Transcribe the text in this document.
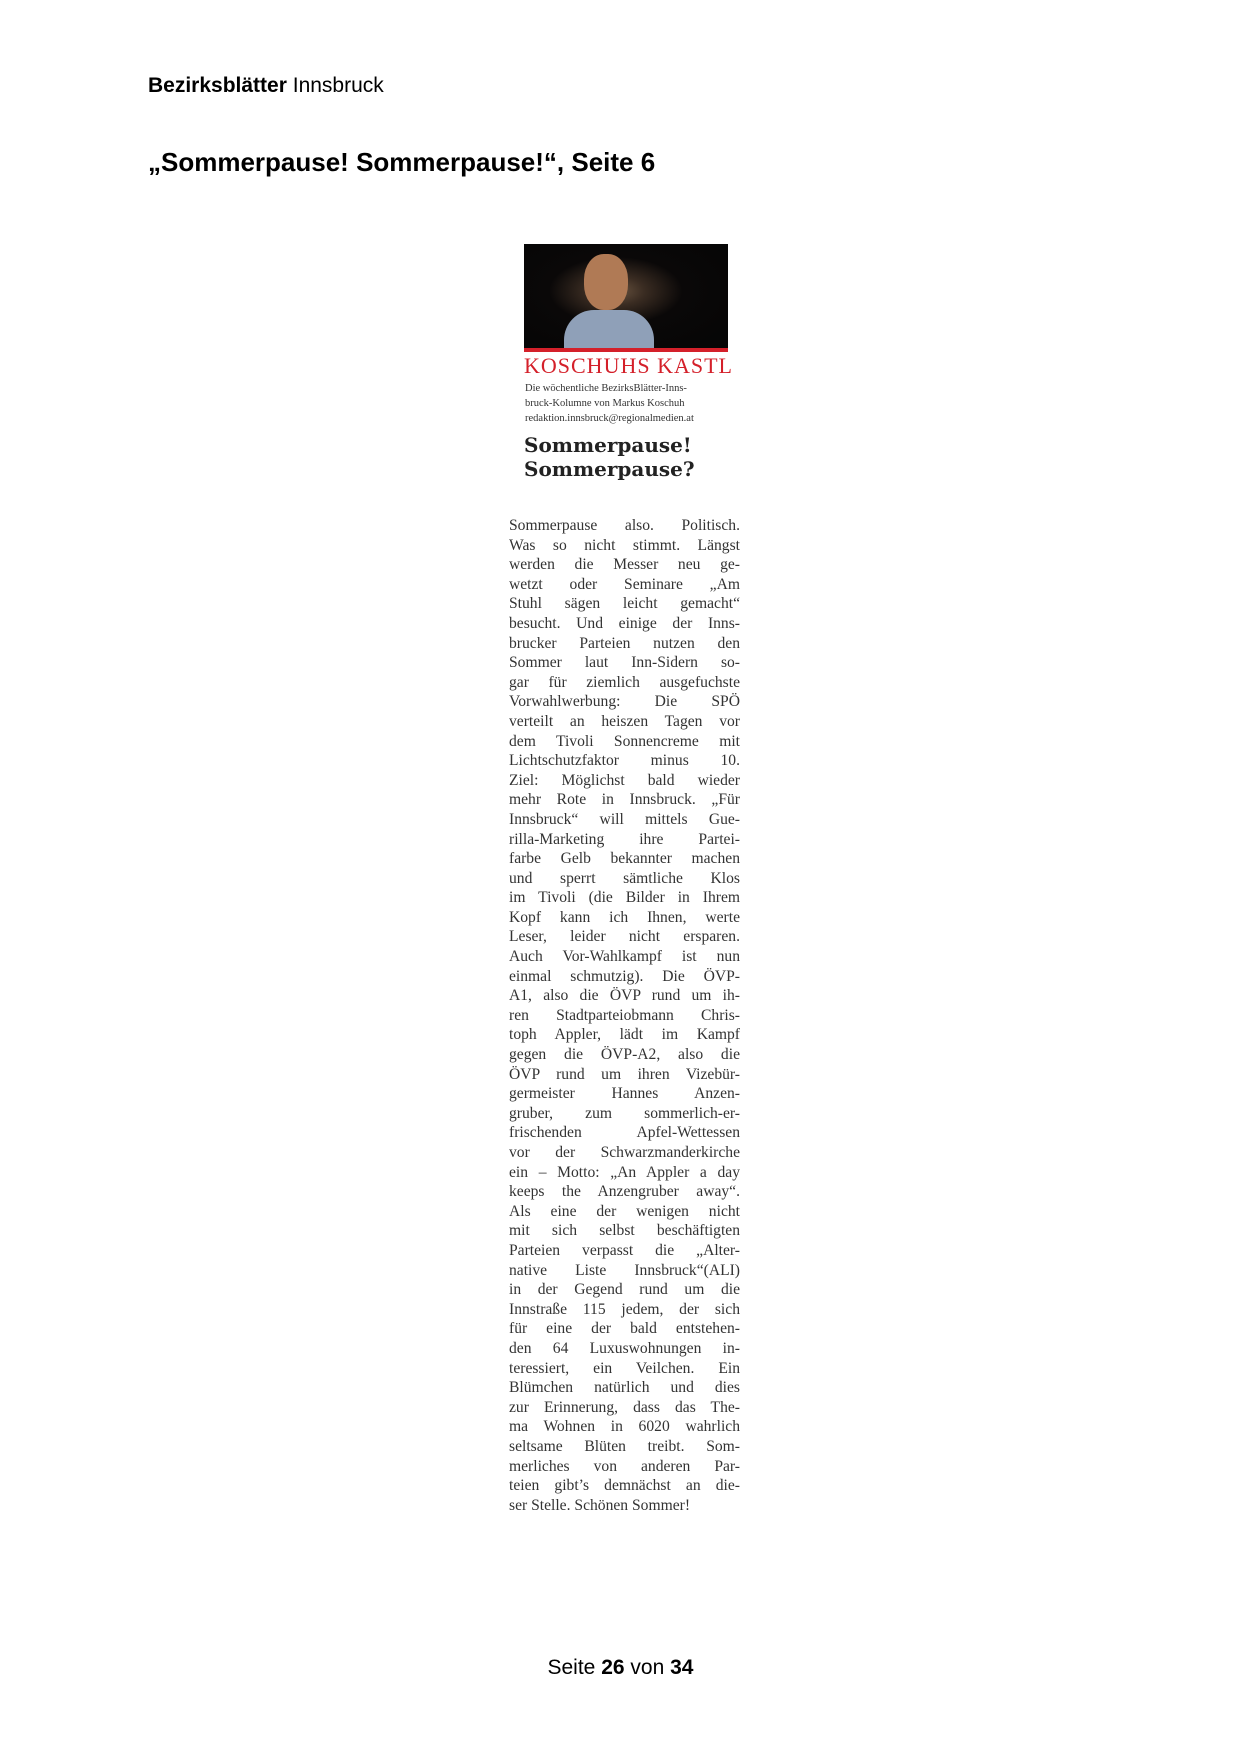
Bezirksblätter Innsbruck
„Sommerpause! Sommerpause!“, Seite 6
KOSCHUHS KASTL
Die wöchentliche BezirksBlätter-Inns-
bruck-Kolumne von Markus Koschuh
redaktion.innsbruck@regionalmedien.at
Sommerpause!
Sommerpause?
Sommerpause also. Politisch.
Was so nicht stimmt. Längst
werden die Messer neu ge-
wetzt oder Seminare „Am
Stuhl sägen leicht gemacht“
besucht. Und einige der Inns-
brucker Parteien nutzen den
Sommer laut Inn-Sidern so-
gar für ziemlich ausgefuchste
Vorwahlwerbung: Die SPÖ
verteilt an heiszen Tagen vor
dem Tivoli Sonnencreme mit
Lichtschutzfaktor minus 10.
Ziel: Möglichst bald wieder
mehr Rote in Innsbruck. „Für
Innsbruck“ will mittels Gue-
rilla-Marketing ihre Partei-
farbe Gelb bekannter machen
und sperrt sämtliche Klos
im Tivoli (die Bilder in Ihrem
Kopf kann ich Ihnen, werte
Leser, leider nicht ersparen.
Auch Vor-Wahlkampf ist nun
einmal schmutzig). Die ÖVP-
A1, also die ÖVP rund um ih-
ren Stadtparteiobmann Chris-
toph Appler, lädt im Kampf
gegen die ÖVP-A2, also die
ÖVP rund um ihren Vizebür-
germeister Hannes Anzen-
gruber, zum sommerlich-er-
frischenden Apfel-Wettessen
vor der Schwarzmanderkirche
ein – Motto: „An Appler a day
keeps the Anzengruber away“.
Als eine der wenigen nicht
mit sich selbst beschäftigten
Parteien verpasst die „Alter-
native Liste Innsbruck“(ALI)
in der Gegend rund um die
Innstraße 115 jedem, der sich
für eine der bald entstehen-
den 64 Luxuswohnungen in-
teressiert, ein Veilchen. Ein
Blümchen natürlich und dies
zur Erinnerung, dass das The-
ma Wohnen in 6020 wahrlich
seltsame Blüten treibt. Som-
merliches von anderen Par-
teien gibt’s demnächst an die-
ser Stelle. Schönen Sommer!
Seite 26 von 34
